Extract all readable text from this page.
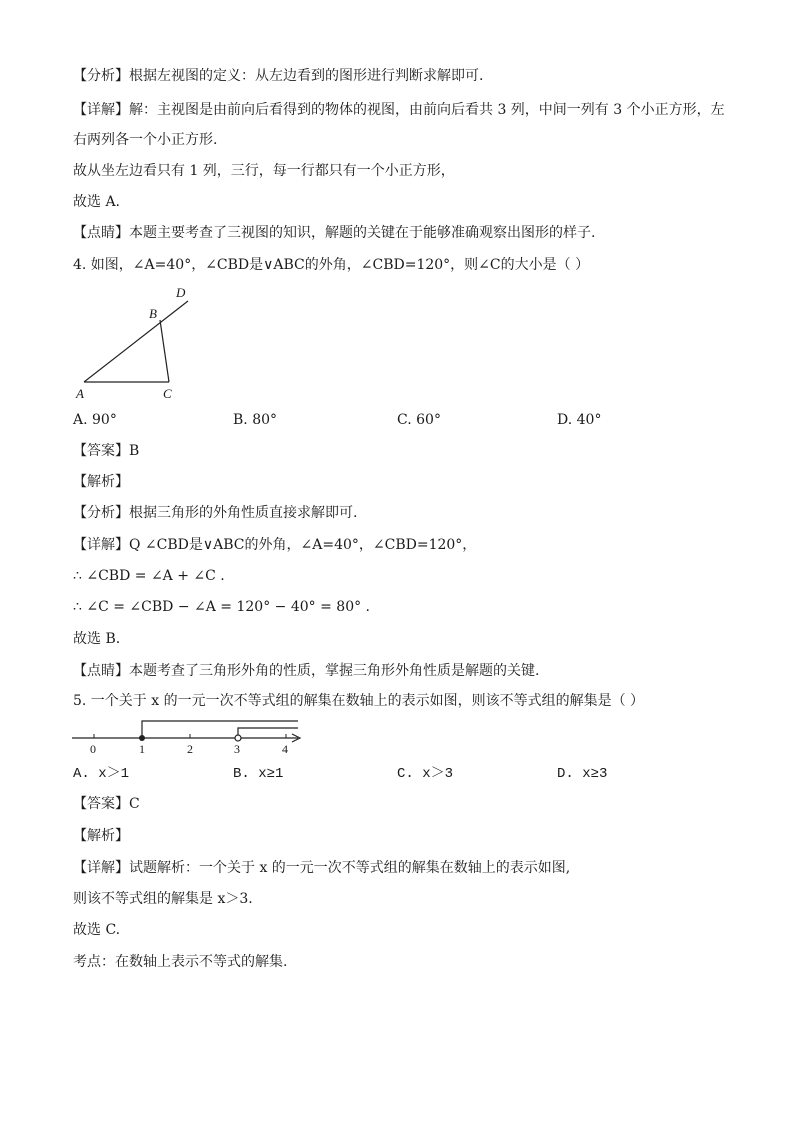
【分析】根据左视图的定义：从左边看到的图形进行判断求解即可.
【详解】解：主视图是由前向后看得到的物体的视图，由前向后看共 3 列，中间一列有 3 个小正方形，左
右两列各一个小正方形.
故从坐左边看只有 1 列，三行，每一行都只有一个小正方形，
故选 A.
【点睛】本题主要考查了三视图的知识，解题的关键在于能够准确观察出图形的样子.
4. 如图，∠A=40°，∠CBD是∨ABC的外角，∠CBD=120°，则∠C的大小是（ ）
D
B
A	C
A. 90°	B. 80°	C. 60°	D. 40°
【答案】B
【解析】
【分析】根据三角形的外角性质直接求解即可.
【详解】Q ∠CBD是∨ABC的外角，∠A=40°，∠CBD=120°，
∴ ∠CBD = ∠A + ∠C .
∴ ∠C = ∠CBD − ∠A = 120° − 40° = 80° .
故选 B.
【点睛】本题考查了三角形外角的性质，掌握三角形外角性质是解题的关键.
5. 一个关于 x 的一元一次不等式组的解集在数轴上的表示如图，则该不等式组的解集是（ ）
0	1	2	3	4
A. x＞1	B. x≥1	C. x＞3	D. x≥3
【答案】C
【解析】
【详解】试题解析：一个关于 x 的一元一次不等式组的解集在数轴上的表示如图,
则该不等式组的解集是 x＞3.
故选 C.
考点：在数轴上表示不等式的解集.
